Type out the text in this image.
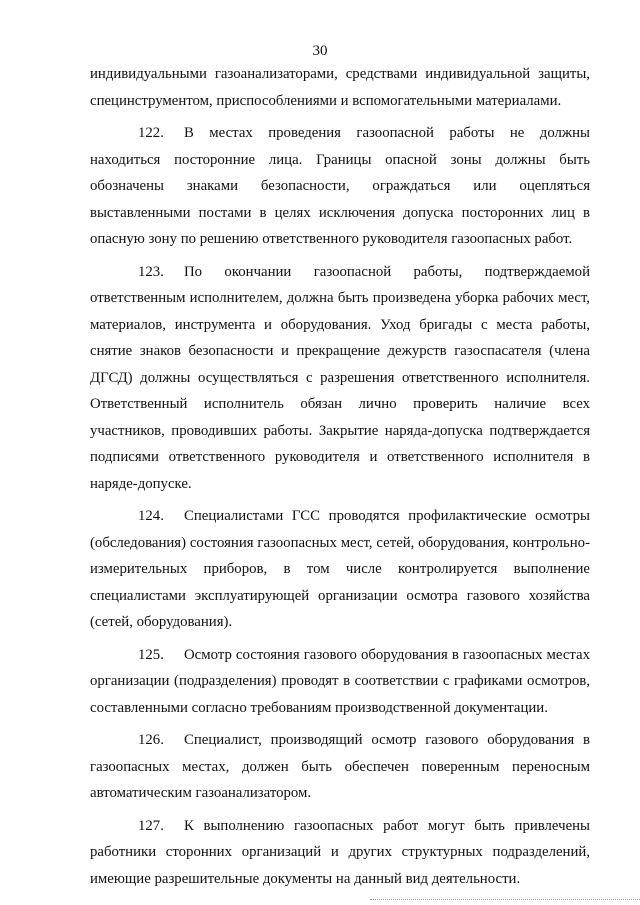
30

индивидуальными газоанализаторами, средствами индивидуальной защиты, специнструментом, приспособлениями и вспомогательными материалами.

122. В местах проведения газоопасной работы не должны находиться посторонние лица. Границы опасной зоны должны быть обозначены знаками безопасности, ограждаться или оцепляться выставленными постами в целях исключения допуска посторонних лиц в опасную зону по решению ответственного руководителя газоопасных работ.

123. По окончании газоопасной работы, подтверждаемой ответственным исполнителем, должна быть произведена уборка рабочих мест, материалов, инструмента и оборудования. Уход бригады с места работы, снятие знаков безопасности и прекращение дежурств газоспасателя (члена ДГСД) должны осуществляться с разрешения ответственного исполнителя. Ответственный исполнитель обязан лично проверить наличие всех участников, проводивших работы. Закрытие наряда-допуска подтверждается подписями ответственного руководителя и ответственного исполнителя в наряде-допуске.

124. Специалистами ГСС проводятся профилактические осмотры (обследования) состояния газоопасных мест, сетей, оборудования, контрольно-измерительных приборов, в том числе контролируется выполнение специалистами эксплуатирующей организации осмотра газового хозяйства (сетей, оборудования).

125. Осмотр состояния газового оборудования в газоопасных местах организации (подразделения) проводят в соответствии с графиками осмотров, составленными согласно требованиям производственной документации.

126. Специалист, производящий осмотр газового оборудования в газоопасных местах, должен быть обеспечен поверенным переносным автоматическим газоанализатором.

127. К выполнению газоопасных работ могут быть привлечены работники сторонних организаций и других структурных подразделений, имеющие разрешительные документы на данный вид деятельности.
